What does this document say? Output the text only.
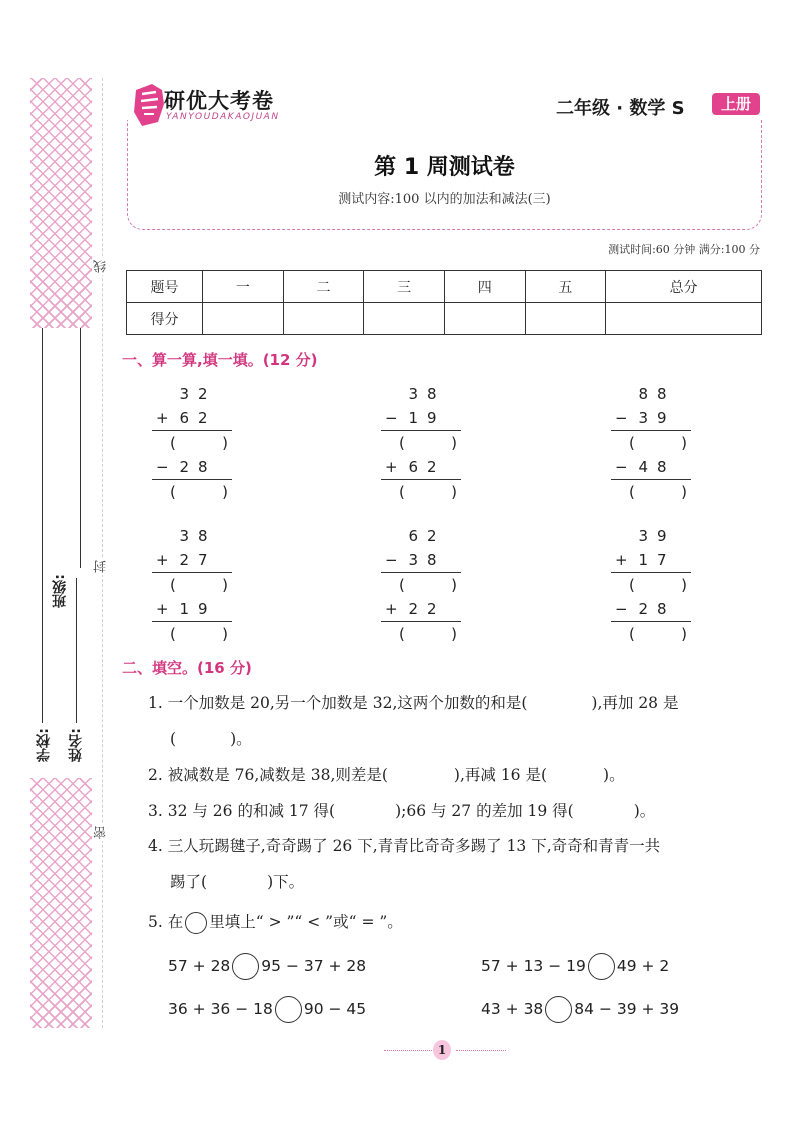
班级:
学校: 姓名:
线
封
密
研优大考卷
YANYOUDAKAOJUAN	二年级 · 数学 S	上册
第 1 周测试卷
测试内容:100 以内的加法和减法(三)
测试时间:60 分钟 满分:100 分
题号	一	二	三	四	五	总分
得分						
一、算一算,填一填。(12 分)
32
+ 62
− 28
38
− 19
+ 62
88
− 39
− 48
38
+ 27
+ 19
62
− 38
+ 22
39
+ 17
− 28
二、填空。(16 分)
1. 一个加数是 20,另一个加数是 32,这两个加数的和是(	),再加 28 是
(	)。
2. 被减数是 76,减数是 38,则差是(	),再减 16 是(	)。
3. 32 与 26 的和减 17 得(	);66 与 27 的差加 19 得(	)。
4. 三人玩踢毽子,奇奇踢了 26 下,青青比奇奇多踢了 13 下,奇奇和青青一共
踢了(	)下。
5. 在 里填上“ > ”“ < ”或“ = ”。
57 + 28 95 − 37 + 28	57 + 13 − 19 49 + 2
36 + 36 − 18 90 − 45	43 + 38 84 − 39 + 39
1
